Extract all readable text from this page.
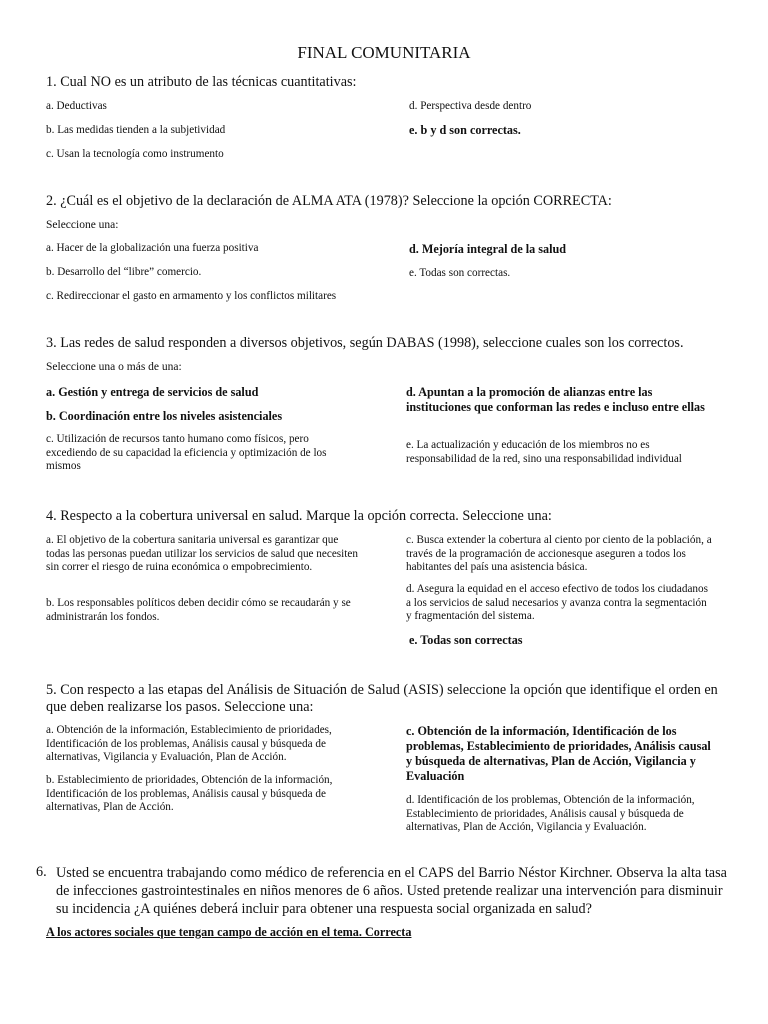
FINAL COMUNITARIA
1. Cual NO es un atributo de las técnicas cuantitativas:
a. Deductivas
b. Las medidas tienden a la subjetividad
c. Usan la tecnología como instrumento
d. Perspectiva desde dentro
e. b y d son correctas.
2. ¿Cuál es el objetivo de la declaración de ALMA ATA (1978)? Seleccione la opción CORRECTA:
Seleccione una:
a. Hacer de la globalización una fuerza positiva
b. Desarrollo del “libre” comercio.
c. Redireccionar el gasto en armamento y los conflictos militares
d. Mejoría integral de la salud
e. Todas son correctas.
3. Las redes de salud responden a diversos objetivos, según DABAS (1998), seleccione cuales son los correctos.
Seleccione una o más de una:
a. Gestión y entrega de servicios de salud
b. Coordinación entre los niveles asistenciales
c. Utilización de recursos tanto humano como físicos, pero excediendo de su capacidad la eficiencia y optimización de los mismos
d. Apuntan a la promoción de alianzas entre las instituciones que conforman las redes e incluso entre ellas
e. La actualización y educación de los miembros no es responsabilidad de la red, sino una responsabilidad individual
4. Respecto a la cobertura universal en salud. Marque la opción correcta. Seleccione una:
a. El objetivo de la cobertura sanitaria universal es garantizar que todas las personas puedan utilizar los servicios de salud que necesiten sin correr el riesgo de ruina económica o empobrecimiento.
b. Los responsables políticos deben decidir cómo se recaudarán y se administrarán los fondos.
c. Busca extender la cobertura al ciento por ciento de la población, a través de la programación de accionesque aseguren a todos los habitantes del país una asistencia básica.
d. Asegura la equidad en el acceso efectivo de todos los ciudadanos a los servicios de salud necesarios y avanza contra la segmentación y fragmentación del sistema.
e. Todas son correctas
5. Con respecto a las etapas del Análisis de Situación de Salud (ASIS) seleccione la opción que identifique el orden en que deben realizarse los pasos. Seleccione una:
a. Obtención de la información, Establecimiento de prioridades, Identificación de los problemas, Análisis causal y búsqueda de alternativas, Vigilancia y Evaluación, Plan de Acción.
b. Establecimiento de prioridades, Obtención de la información, Identificación de los problemas, Análisis causal y búsqueda de alternativas, Plan de Acción.
c. Obtención de la información, Identificación de los problemas, Establecimiento de prioridades, Análisis causal y búsqueda de alternativas, Plan de Acción, Vigilancia y Evaluación
d. Identificación de los problemas, Obtención de la información, Establecimiento de prioridades, Análisis causal y búsqueda de alternativas, Plan de Acción, Vigilancia y Evaluación.
6. Usted se encuentra trabajando como médico de referencia en el CAPS del Barrio Néstor Kirchner. Observa la alta tasa de infecciones gastrointestinales en niños menores de 6 años. Usted pretende realizar una intervención para disminuir su incidencia ¿A quiénes deberá incluir para obtener una respuesta social organizada en salud?
A los actores sociales que tengan campo de acción en el tema. Correcta
